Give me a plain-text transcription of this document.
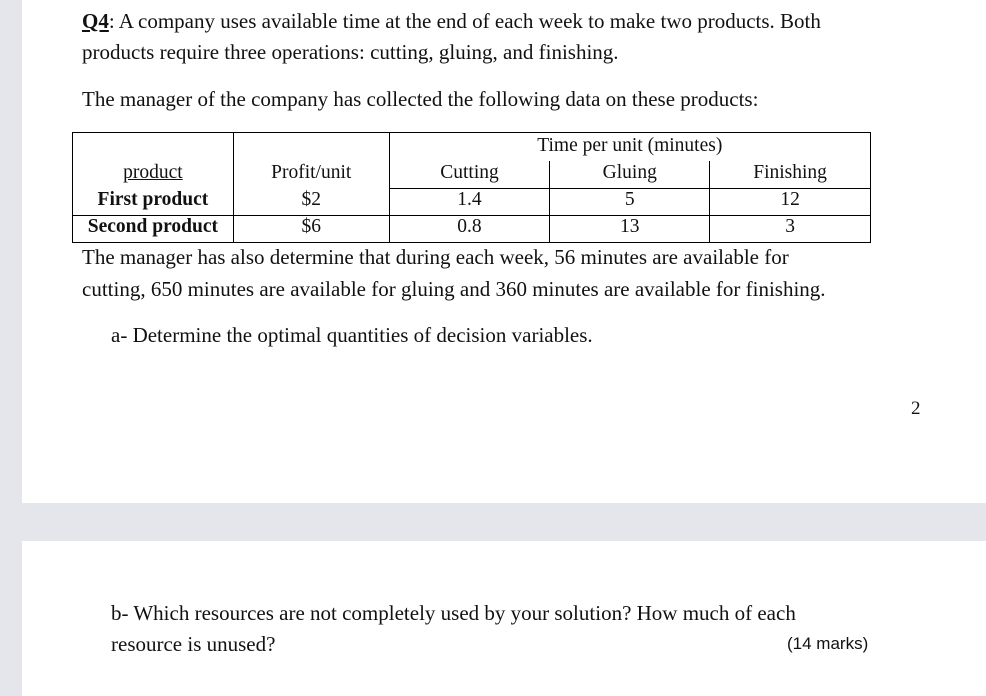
Q4: A company uses available time at the end of each week to make two products. Both
products require three operations: cutting, gluing, and finishing.
The manager of the company has collected the following data on these products:
		Time per unit (minutes)		
product	Profit/unit	Cutting	Gluing	Finishing
First product	$2	1.4	5	12
Second product	$6	0.8	13	3
The manager has also determine that during each week, 56 minutes are available for
cutting, 650 minutes are available for gluing and 360 minutes are available for finishing.
a- Determine the optimal quantities of decision variables.
2
b- Which resources are not completely used by your solution? How much of each
resource is unused?	(14 marks)
